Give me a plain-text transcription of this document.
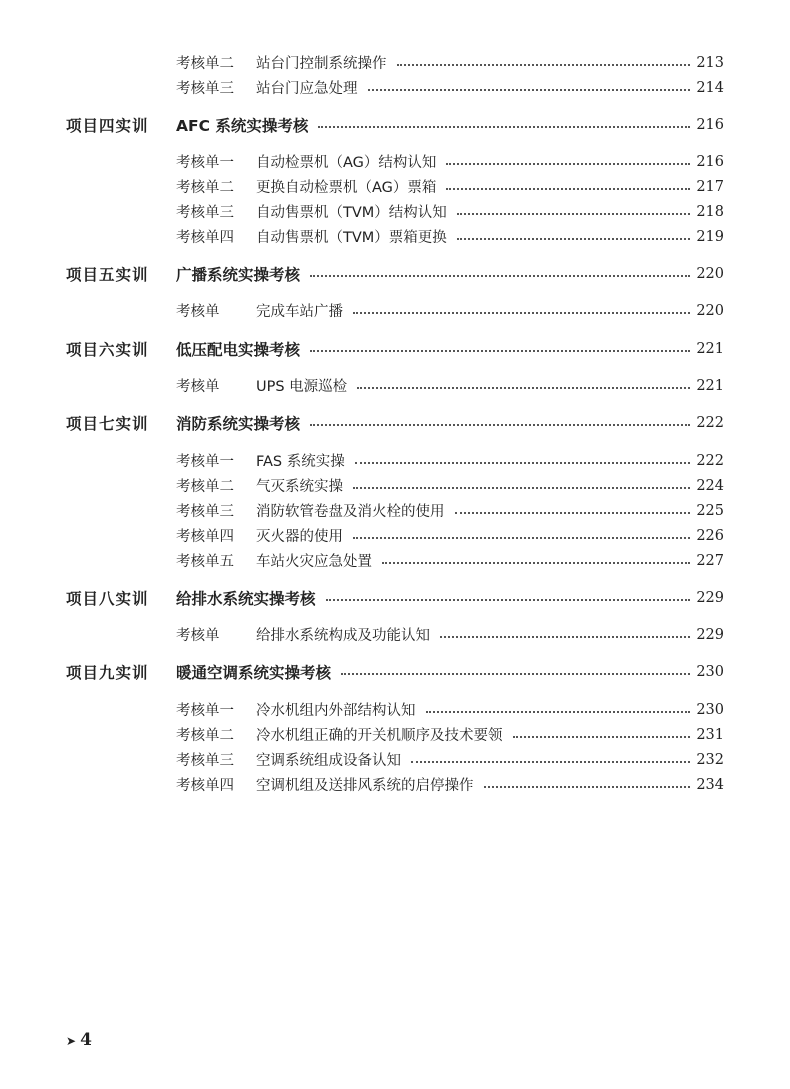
考核单二	站台门控制系统操作	213
考核单三	站台门应急处理	214
项目四实训	AFC 系统实操考核	216
考核单一	自动检票机（AG）结构认知	216
考核单二	更换自动检票机（AG）票箱	217
考核单三	自动售票机（TVM）结构认知	218
考核单四	自动售票机（TVM）票箱更换	219
项目五实训	广播系统实操考核	220
考核单	完成车站广播	220
项目六实训	低压配电实操考核	221
考核单	UPS 电源巡检	221
项目七实训	消防系统实操考核	222
考核单一	FAS 系统实操	222
考核单二	气灭系统实操	224
考核单三	消防软管卷盘及消火栓的使用	225
考核单四	灭火器的使用	226
考核单五	车站火灾应急处置	227
项目八实训	给排水系统实操考核	229
考核单	给排水系统构成及功能认知	229
项目九实训	暖通空调系统实操考核	230
考核单一	冷水机组内外部结构认知	230
考核单二	冷水机组正确的开关机顺序及技术要领	231
考核单三	空调系统组成设备认知	232
考核单四	空调机组及送排风系统的启停操作	234
➤ 4
